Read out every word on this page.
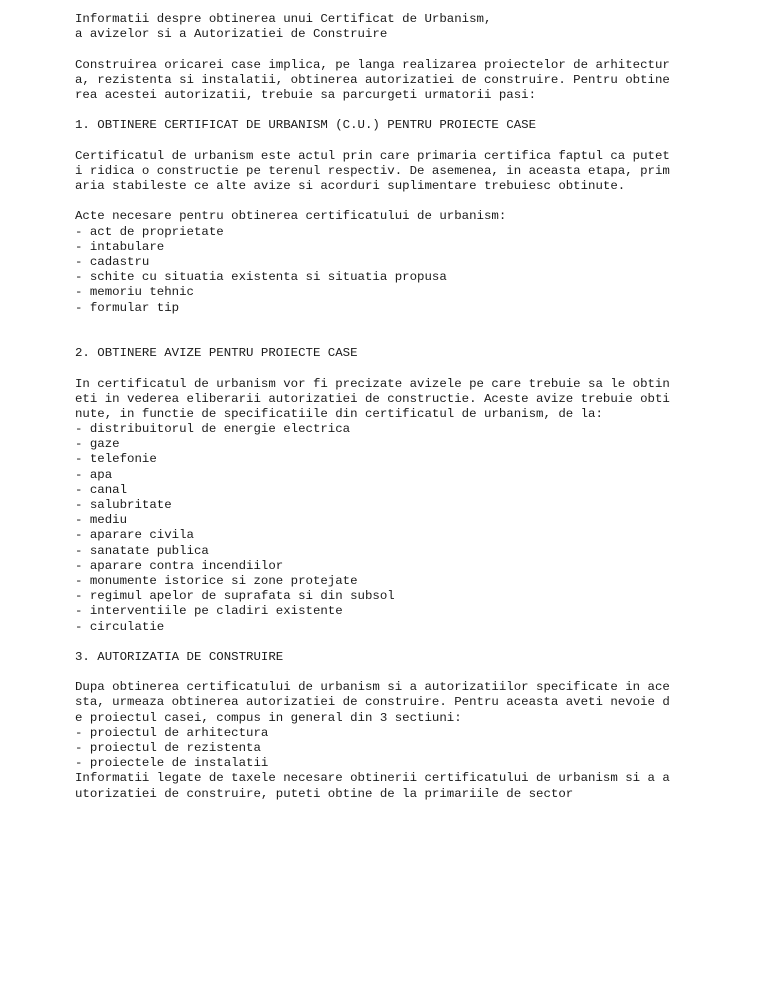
Informatii despre obtinerea unui Certificat de Urbanism,
a avizelor si a Autorizatiei de Construire
Construirea oricarei case implica, pe langa realizarea proiectelor de arhitectur
a, rezistenta si instalatii, obtinerea autorizatiei de construire. Pentru obtine
rea acestei autorizatii, trebuie sa parcurgeti urmatorii pasi:
1. OBTINERE CERTIFICAT DE URBANISM (C.U.) PENTRU PROIECTE CASE
Certificatul de urbanism este actul prin care primaria certifica faptul ca putet
i ridica o constructie pe terenul respectiv. De asemenea, in aceasta etapa, prim
aria stabileste ce alte avize si acorduri suplimentare trebuiesc obtinute.
Acte necesare pentru obtinerea certificatului de urbanism:
- act de proprietate
- intabulare
- cadastru
- schite cu situatia existenta si situatia propusa
- memoriu tehnic
- formular tip
2. OBTINERE AVIZE PENTRU PROIECTE CASE
In certificatul de urbanism vor fi precizate avizele pe care trebuie sa le obtin
eti in vederea eliberarii autorizatiei de constructie. Aceste avize trebuie obti
nute, in functie de specificatiile din certificatul de urbanism, de la:
- distribuitorul de energie electrica
- gaze
- telefonie
- apa
- canal
- salubritate
- mediu
- aparare civila
- sanatate publica
- aparare contra incendiilor
- monumente istorice si zone protejate
- regimul apelor de suprafata si din subsol
- interventiile pe cladiri existente
- circulatie
3. AUTORIZATIA DE CONSTRUIRE
Dupa obtinerea certificatului de urbanism si a autorizatiilor specificate in ace
sta, urmeaza obtinerea autorizatiei de construire. Pentru aceasta aveti nevoie d
e proiectul casei, compus in general din 3 sectiuni:
- proiectul de arhitectura
- proiectul de rezistenta
- proiectele de instalatii
Informatii legate de taxele necesare obtinerii certificatului de urbanism si a a
utorizatiei de construire, puteti obtine de la primariile de sector
